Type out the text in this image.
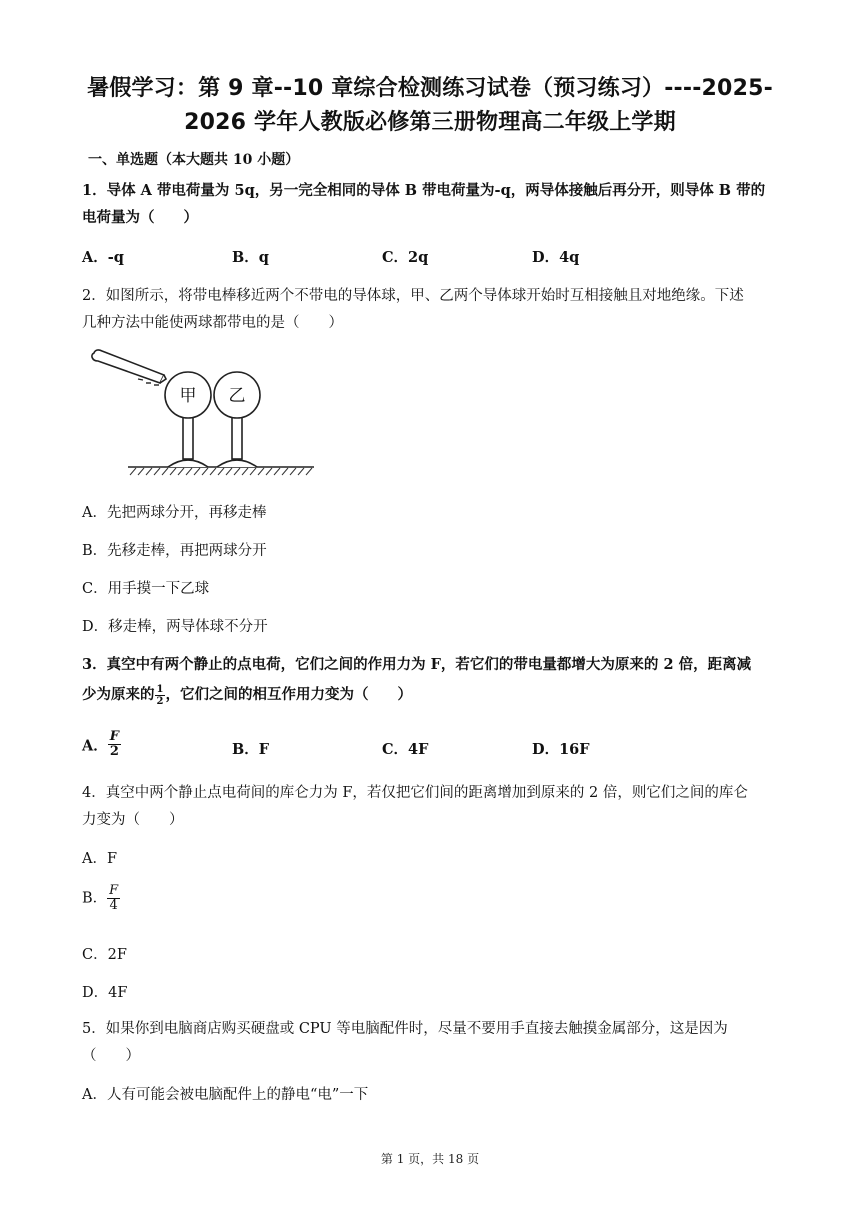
暑假学习：第 9 章--10 章综合检测练习试卷（预习练习）----2025-
2026 学年人教版必修第三册物理高二年级上学期
一、单选题（本大题共 10 小题）
1．导体 A 带电荷量为 5q，另一完全相同的导体 B 带电荷量为-q，两导体接触后再分开，则导体 B 带的
电荷量为（　　）
A．-q	B．q	C．2q	D．4q
2．如图所示，将带电棒移近两个不带电的导体球，甲、乙两个导体球开始时互相接触且对地绝缘。下述
几种方法中能使两球都带电的是（　　）
甲 乙
A．先把两球分开，再移走棒
B．先移走棒，再把两球分开
C．用手摸一下乙球
D．移走棒，两导体球不分开
3．真空中有两个静止的点电荷，它们之间的作用力为 F，若它们的带电量都增大为原来的 2 倍，距离减
少为原来的 $\frac{1}{2}$ ，它们之间的相互作用力变为（　　）
A． $\frac{F}{2}$	B．F	C．4F	D．16F
4．真空中两个静止点电荷间的库仑力为 F，若仅把它们间的距离增加到原来的 2 倍，则它们之间的库仑
力变为（　　）
A．F
B． $\frac{F}{4}$
C．2F
D．4F
5．如果你到电脑商店购买硬盘或 CPU 等电脑配件时，尽量不要用手直接去触摸金属部分，这是因为
（　　）
A．人有可能会被电脑配件上的静电“电”一下
第 1 页，共 18 页
